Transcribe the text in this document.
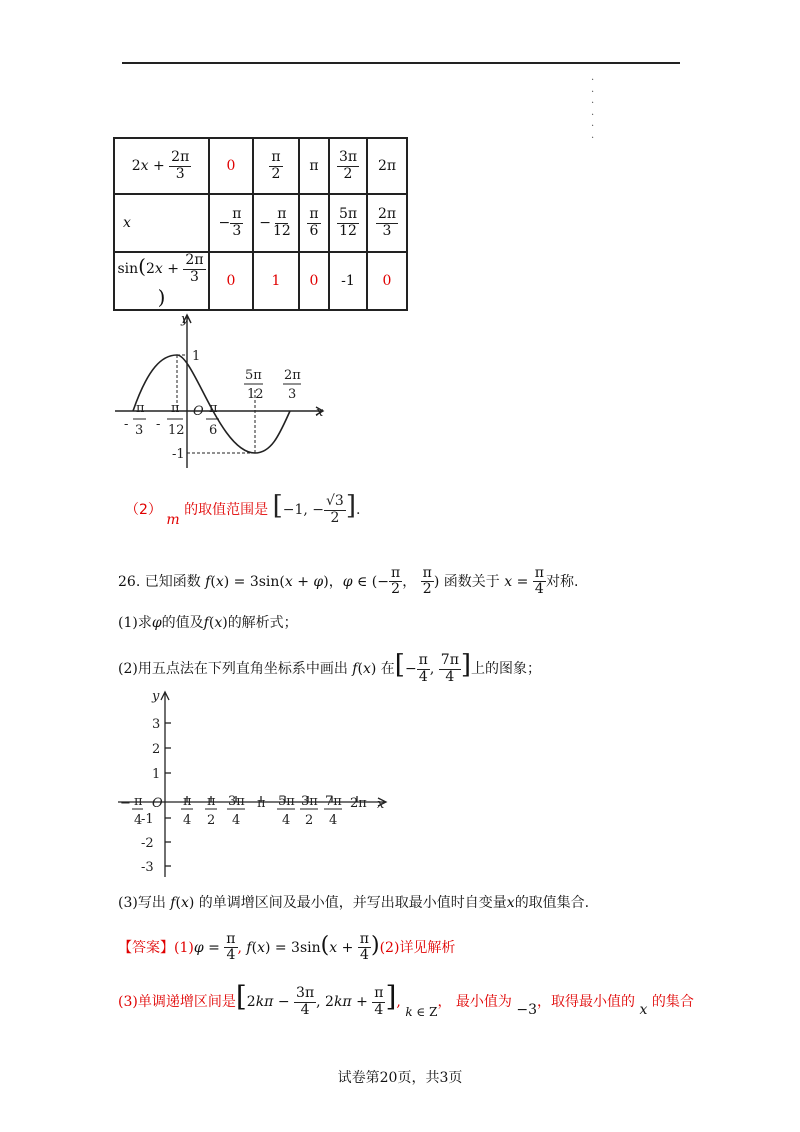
.
.
.
.
.
.
$2x + \frac{2\pi}{3}$	0	$\frac{\pi}{2}$	π	$\frac{3\pi}{2}$	2π
x	− $\frac{\pi}{3}$	− $\frac{\pi}{12}$	$\frac{\pi}{6}$	$\frac{5\pi}{12}$	$\frac{2\pi}{3}$

$\sin(2x + \frac{2\pi}{3}$
)	0	1	0	-1	0
y
x
O
1
-1
5π
12
2π
3
-
π
3 -
π
12
π
6
（2） m 的取值范围是 [−1, − $\frac{√3}{2}$ ].
26. 已知函数 f(x) = 3sin(x + φ)，φ ∈ (− $\frac{\pi}{2}$ ， $\frac{\pi}{2}$ ) 函数关于 $x = \frac{\pi}{4}$ 对称.
(1)求φ的值及f(x)的解析式；
(2)用五点法在下列直角坐标系中画出 f(x) 在[− $\frac{\pi}{4}$ , $\frac{7\pi}{4}$ ]上的图象；
y
x
O
3
2
1
-1
-2
-3
− π
4
π
4
π
2
3π
4
π 5π
4
3π
2
7π
4
2π
(3)写出 f(x) 的单调增区间及最小值，并写出取最小值时自变量x的取值集合.
【答案】$(1)\varphi = \frac{\pi}{4}$ , $f(x) = 3\sin(x + \frac{\pi}{4} )(2)$详见解析
(3)单调递增区间是[$2k\pi - \frac{3\pi}{4}$ , $2k\pi + \frac{\pi}{4}$ ], k ∈ Z， 最小值为 −3，取得最小值的 x 的集合
试卷第20页，共3页
